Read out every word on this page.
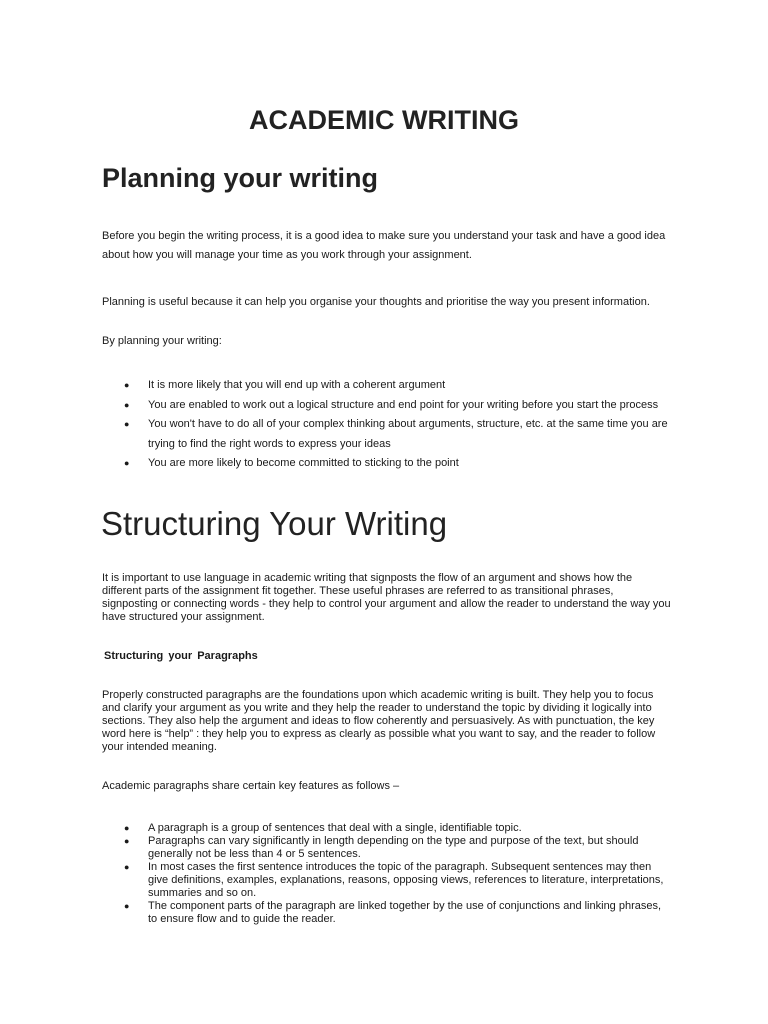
ACADEMIC WRITING
Planning your writing

Before you begin the writing process, it is a good idea to make sure you understand your task and have a good idea about how you will manage your time as you work through your assignment.

Planning is useful because it can help you organise your thoughts and prioritise the way you present information.

By planning your writing:

● It is more likely that you will end up with a coherent argument
● You are enabled to work out a logical structure and end point for your writing before you start the process
● You won't have to do all of your complex thinking about arguments, structure, etc. at the same time you are trying to find the right words to express your ideas
● You are more likely to become committed to sticking to the point
Structuring Your Writing

It is important to use language in academic writing that signposts the flow of an argument and shows how the different parts of the assignment fit together. These useful phrases are referred to as transitional phrases, signposting or connecting words - they help to control your argument and allow the reader to understand the way you have structured your assignment.

Structuring your Paragraphs

Properly constructed paragraphs are the foundations upon which academic writing is built. They help you to focus and clarify your argument as you write and they help the reader to understand the topic by dividing it logically into sections. They also help the argument and ideas to flow coherently and persuasively. As with punctuation, the key word here is “help” : they help you to express as clearly as possible what you want to say, and the reader to follow your intended meaning.

Academic paragraphs share certain key features as follows –

● A paragraph is a group of sentences that deal with a single, identifiable topic.
● Paragraphs can vary significantly in length depending on the type and purpose of the text, but should generally not be less than 4 or 5 sentences.
● In most cases the first sentence introduces the topic of the paragraph. Subsequent sentences may then give definitions, examples, explanations, reasons, opposing views, references to literature, interpretations, summaries and so on.
● The component parts of the paragraph are linked together by the use of conjunctions and linking phrases, to ensure flow and to guide the reader.
